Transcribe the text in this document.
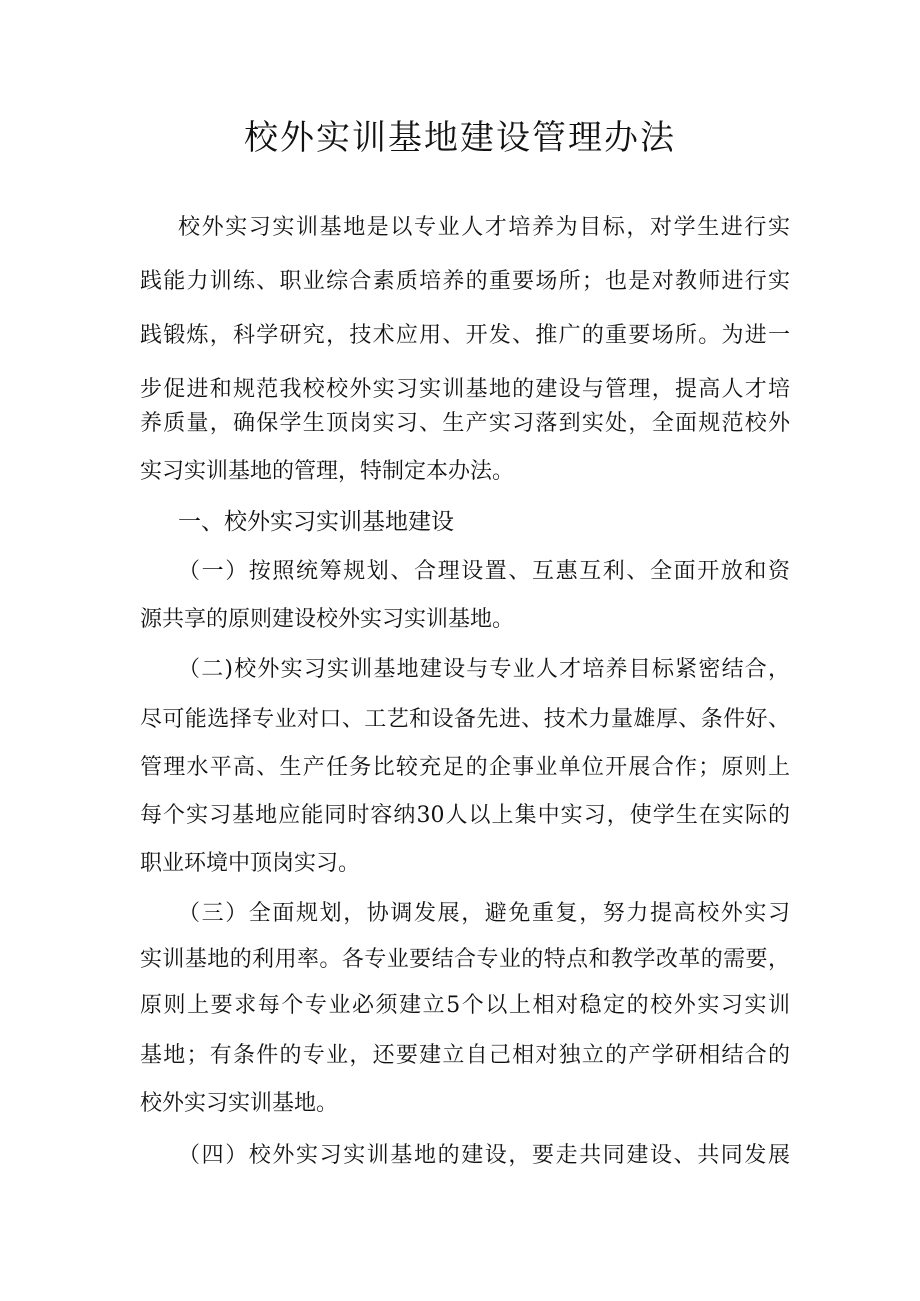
校外实训基地建设管理办法
校外实习实训基地是以专业人才培养为目标，对学生进行实
践能力训练、职业综合素质培养的重要场所；也是对教师进行实
践锻炼，科学研究，技术应用、开发、推广的重要场所。为进一
步促进和规范我校校外实习实训基地的建设与管理，提高人才培
养质量，确保学生顶岗实习、生产实习落到实处，全面规范校外
实习实训基地的管理，特制定本办法。
一、校外实习实训基地建设
（一）按照统筹规划、合理设置、互惠互利、全面开放和资
源共享的原则建设校外实习实训基地。
（二)校外实习实训基地建设与专业人才培养目标紧密结合，
尽可能选择专业对口、工艺和设备先进、技术力量雄厚、条件好、
管理水平高、生产任务比较充足的企事业单位开展合作；原则上
每个实习基地应能同时容纳30人以上集中实习，使学生在实际的
职业环境中顶岗实习。
（三）全面规划，协调发展，避免重复，努力提高校外实习
实训基地的利用率。各专业要结合专业的特点和教学改革的需要，
原则上要求每个专业必须建立5个以上相对稳定的校外实习实训
基地；有条件的专业，还要建立自己相对独立的产学研相结合的
校外实习实训基地。
（四）校外实习实训基地的建设，要走共同建设、共同发展
